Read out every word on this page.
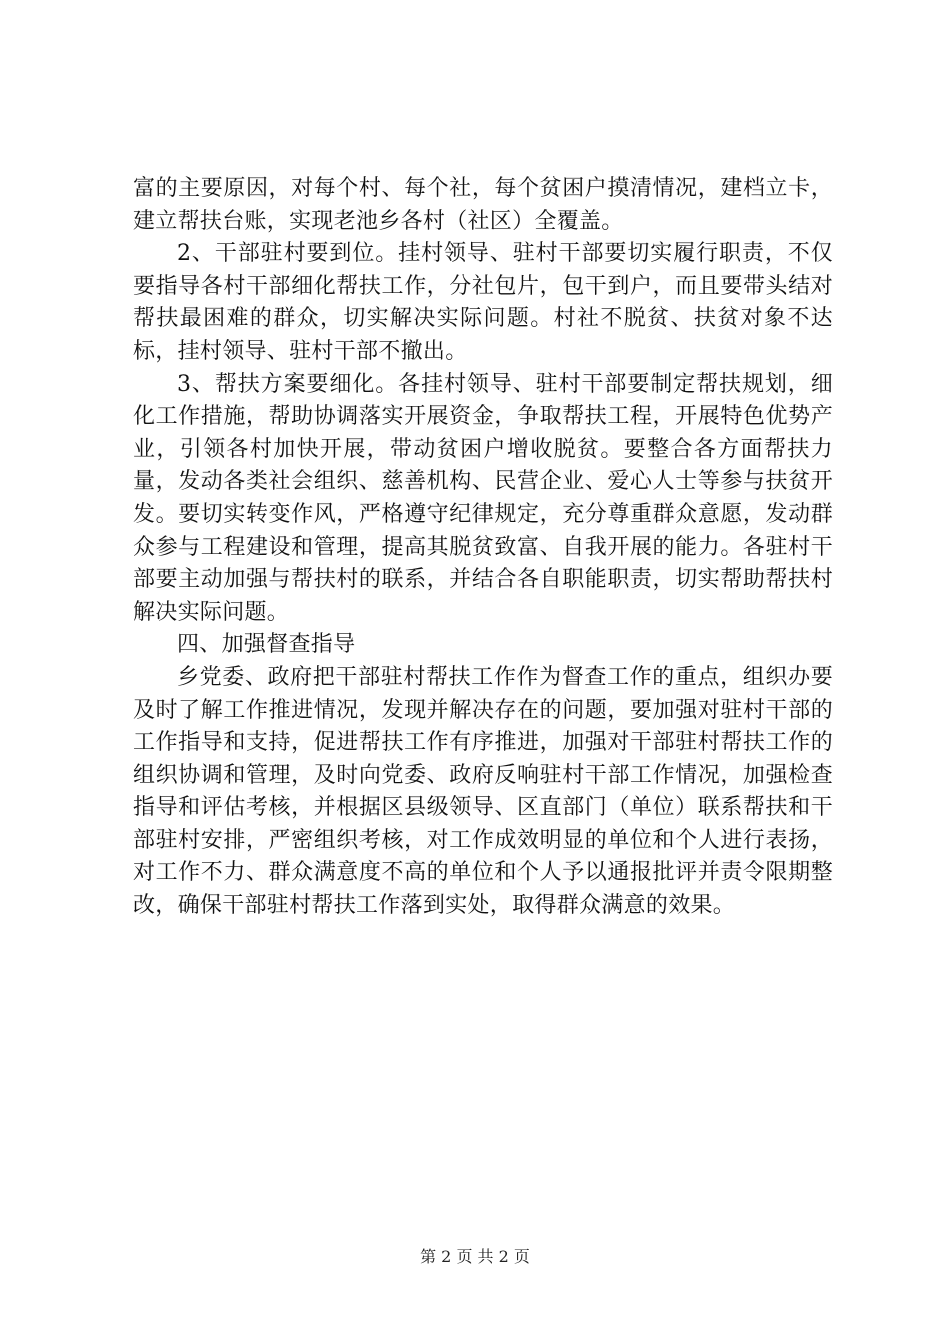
富的主要原因，对每个村、每个社，每个贫困户摸清情况，建档立卡，建立帮扶台账，实现老池乡各村（社区）全覆盖。

2、干部驻村要到位。挂村领导、驻村干部要切实履行职责，不仅要指导各村干部细化帮扶工作，分社包片，包干到户，而且要带头结对帮扶最困难的群众，切实解决实际问题。村社不脱贫、扶贫对象不达标，挂村领导、驻村干部不撤出。

3、帮扶方案要细化。各挂村领导、驻村干部要制定帮扶规划，细化工作措施，帮助协调落实开展资金，争取帮扶工程，开展特色优势产业，引领各村加快开展，带动贫困户增收脱贫。要整合各方面帮扶力量，发动各类社会组织、慈善机构、民营企业、爱心人士等参与扶贫开发。要切实转变作风，严格遵守纪律规定，充分尊重群众意愿，发动群众参与工程建设和管理，提高其脱贫致富、自我开展的能力。各驻村干部要主动加强与帮扶村的联系，并结合各自职能职责，切实帮助帮扶村解决实际问题。

四、加强督查指导

乡党委、政府把干部驻村帮扶工作作为督查工作的重点，组织办要及时了解工作推进情况，发现并解决存在的问题，要加强对驻村干部的工作指导和支持，促进帮扶工作有序推进，加强对干部驻村帮扶工作的组织协调和管理，及时向党委、政府反响驻村干部工作情况，加强检查指导和评估考核，并根据区县级领导、区直部门（单位）联系帮扶和干部驻村安排，严密组织考核，对工作成效明显的单位和个人进行表扬，对工作不力、群众满意度不高的单位和个人予以通报批评并责令限期整改，确保干部驻村帮扶工作落到实处，取得群众满意的效果。

第 2 页 共 2 页
